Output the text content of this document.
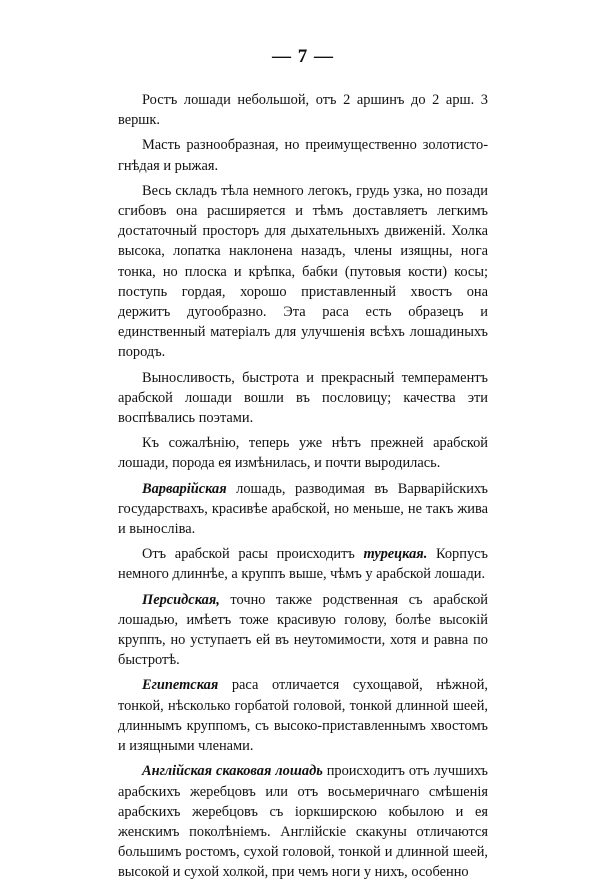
— 7 —

Ростъ лошади небольшой, отъ 2 аршинъ до 2 арш. 3 вершк.

Масть разнообразная, но преимущественно золотисто-гнѣдая и рыжая.

Весь складъ тѣла немного легокъ, грудь узка, но позади сгибовъ она расширяется и тѣмъ доставляетъ легкимъ достаточный просторъ для дыхательныхъ движеній. Холка высока, лопатка наклонена назадъ, члены изящны, нога тонка, но плоска и крѣпка, бабки (путовыя кости) косы; поступь гордая, хорошо приставленный хвостъ она держитъ дугообразно. Эта раса есть образецъ и единственный матеріалъ для улучшенія всѣхъ лошадиныхъ породъ.

Выносливость, быстрота и прекрасный темпераментъ арабской лошади вошли въ пословицу; качества эти воспѣвались поэтами.

Къ сожалѣнію, теперь уже нѣтъ прежней арабской лошади, порода ея измѣнилась, и почти выродилась.

Варварійская лошадь, разводимая въ Варварійскихъ государствахъ, красивѣе арабской, но меньше, не такъ жива и выносліва.

Отъ арабской расы происходитъ турецкая. Корпусъ немного длиннѣе, а круппъ выше, чѣмъ у арабской лошади.

Персидская, точно также родственная съ арабской лошадью, имѣетъ тоже красивую голову, болѣе высокій круппъ, но уступаетъ ей въ неутомимости, хотя и равна по быстротѣ.

Египетская раса отличается сухощавой, нѣжной, тонкой, нѣсколько горбатой головой, тонкой длинной шеей, длиннымъ круппомъ, съ высоко-приставленнымъ хвостомъ и изящными членами.

Англійская скаковая лошадь происходитъ отъ лучшихъ арабскихъ жеребцовъ или отъ восьмеричнаго смѣшенія арабскихъ жеребцовъ съ іоркширскою кобылою и ея женскимъ поколѣніемъ. Англійскіе скакуны отличаются большимъ ростомъ, сухой головой, тонкой и длинной шеей, высокой и сухой холкой, при чемъ ноги у нихъ, особенно
